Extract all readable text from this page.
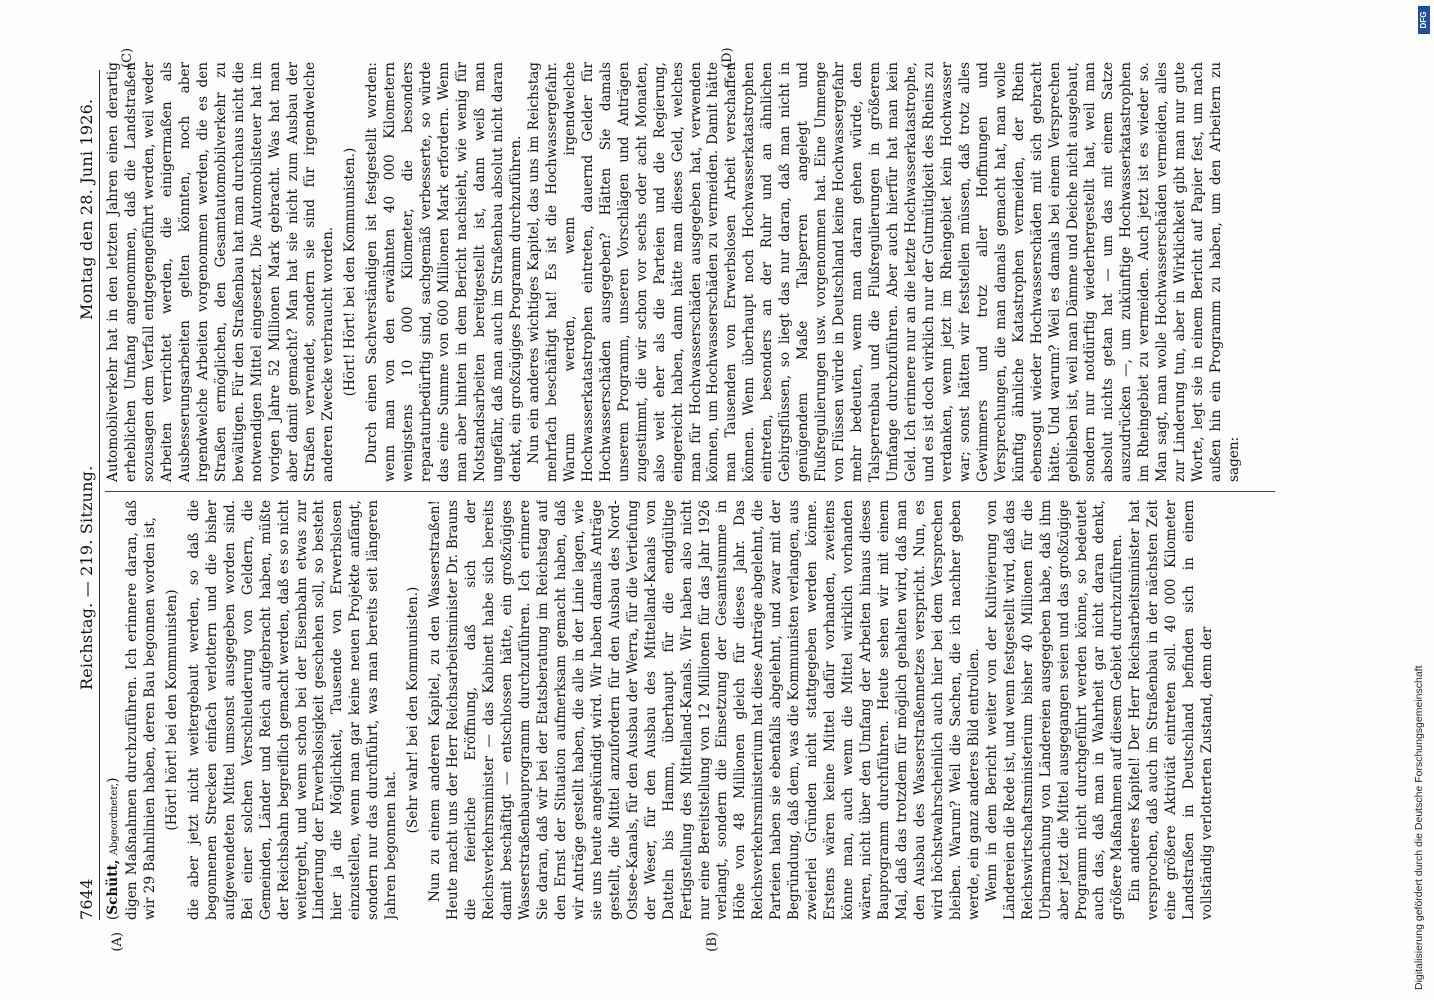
7644
Reichstag. — 219. Sitzung.
Montag den 28. Juni 1926.
(A)	(B)
(C)	(D)

(Schütt, Abgeordneter,) digen Maßnahmen durchzuführen. Ich erinnere daran, daß wir 29 Bahnlinien haben, deren Bau begonnen worden ist, (Hört! hört! bei den Kommunisten) die aber jetzt nicht weitergebaut werden, so daß die begonnenen Strecken einfach verlottern und die bisher aufgewendeten Mittel umsonst ausgegeben worden sind. Bei einer solchen Verschleuderung von Geldern, die Gemeinden, Länder und Reich aufgebracht haben, müßte der Reichsbahn begreiflich gemacht werden, daß es so nicht weitergeht, und wenn schon bei der Eisenbahn etwas zur Linderung der Erwerbslosigkeit geschehen soll, so besteht hier ja die Möglichkeit, Tausende von Erwerbslosen einzustellen, wenn man gar keine neuen Projekte anfängt, sondern nur das durchführt, was man bereits seit längeren Jahren begonnen hat.

(Sehr wahr! bei den Kommunisten.) Nun zu einem anderen Kapitel, zu den Wasserstraßen! Heute macht uns der Herr Reichsarbeitsminister Dr. Brauns die feierliche Eröffnung, daß sich der Reichsverkehrsminister — das Kabinett habe sich bereits damit beschäftigt — entschlossen hätte, ein großzügiges Wasserstraßenbauprogramm durchzuführen. Ich erinnere Sie daran, daß wir bei der Etatsberatung im Reichstag auf den Ernst der Situation aufmerksam gemacht haben, daß wir Anträge gestellt haben, die alle in der Linie lagen, wie sie uns heute angekündigt wird. Wir haben damals Anträge gestellt, die Mittel anzufordern für den Ausbau des Nord-Ostsee-Kanals, für den Ausbau der Werra, für die Vertiefung der Weser, für den Ausbau des Mittelland-Kanals von Datteln bis Hamm, überhaupt für die endgültige Fertigstellung des Mittelland-Kanals. Wir haben also nicht nur eine Bereitstellung von 12 Millionen für das Jahr 1926 verlangt, sondern die Einsetzung der Gesamtsumme in Höhe von 48 Millionen gleich für dieses Jahr. Das Reichsverkehrsministerium hat diese Anträge abgelehnt, die Parteien haben sie ebenfalls abgelehnt, und zwar mit der Begründung, daß dem, was die Kommunisten verlangen, aus zweierlei Gründen nicht stattgegeben werden könne. Erstens wären keine Mittel dafür vorhanden, zweitens könne man, auch wenn die Mittel wirklich vorhanden wären, nicht über den Umfang der Arbeiten hinaus dieses Bauprogramm durchführen. Heute sehen wir mit einem Mal, daß das trotzdem für möglich gehalten wird, daß man den Ausbau des Wasserstraßennetzes verspricht. Nun, es wird höchstwahrscheinlich auch hier bei dem Versprechen bleiben. Warum? Weil die Sachen, die ich nachher geben werde, ein ganz anderes Bild entrollen. Wenn in dem Bericht weiter von der Kultivierung von Ländereien die Rede ist, und wenn festgestellt wird, daß das Reichswirtschaftsministerium bisher 40 Millionen für die Urbarmachung von Ländereien ausgegeben habe, daß ihm aber jetzt die Mittel ausgegangen seien und das großzügige Programm nicht durchgeführt werden könne, so bedeutet auch das, daß man in Wahrheit gar nicht daran denkt, größere Maßnahmen auf diesem Gebiet durchzuführen. Ein anderes Kapitel! Der Herr Reichsarbeitsminister hat versprochen, daß auch im Straßenbau in der nächsten Zeit eine größere Aktivität eintreten soll. 40 000 Kilometer Landstraßen in Deutschland befinden sich in einem vollständig verlotterten Zustand, denn der

Automobilverkehr hat in den letzten Jahren einen derartig erheblichen Umfang angenommen, daß die Landstraßen sozusagen dem Verfall entgegengeführt werden, weil weder Arbeiten verrichtet werden, die einigermaßen als Ausbesserungsarbeiten gelten könnten, noch aber irgendwelche Arbeiten vorgenommen werden, die es den Straßen ermöglichen, den Gesamtautomobilverkehr zu bewältigen. Für den Straßenbau hat man durchaus nicht die notwendigen Mittel eingesetzt. Die Automobilsteuer hat im vorigen Jahre 52 Millionen Mark gebracht. Was hat man aber damit gemacht? Man hat sie nicht zum Ausbau der Straßen verwendet, sondern sie sind für irgendwelche anderen Zwecke verbraucht worden. (Hört! Hört! bei den Kommunisten.) Durch einen Sachverständigen ist festgestellt worden: wenn man von den erwähnten 40 000 Kilometern wenigstens 10 000 Kilometer, die besonders reparaturbedürftig sind, sachgemäß verbesserte, so würde das eine Summe von 600 Millionen Mark erfordern. Wenn man aber hinten in dem Bericht nachsieht, wie wenig für Notstandsarbeiten bereitgestellt ist, dann weiß man ungefähr, daß man auch im Straßenbau absolut nicht daran denkt, ein großzügiges Programm durchzuführen. Nun ein anderes wichtiges Kapitel, das uns im Reichstag mehrfach beschäftigt hat! Es ist die Hochwassergefahr. Warum werden, wenn irgendwelche Hochwasserkatastrophen eintreten, dauernd Gelder für Hochwasserschäden ausgegeben? Hätten Sie damals unserem Programm, unseren Vorschlägen und Anträgen zugestimmt, die wir schon vor sechs oder acht Monaten, also weit eher als die Parteien und die Regierung, eingereicht haben, dann hätte man dieses Geld, welches man für Hochwasserschäden ausgegeben hat, verwenden können, um Hochwasserschäden zu vermeiden. Damit hätte man Tausenden von Erwerbslosen Arbeit verschaffen können. Wenn überhaupt noch Hochwasserkatastrophen eintreten, besonders an der Ruhr und an ähnlichen Gebirgsflüssen, so liegt das nur daran, daß man nicht in genügendem Maße Talsperren angelegt und Flußregulierungen usw. vorgenommen hat. Eine Unmenge von Flüssen würde in Deutschland keine Hochwassergefahr mehr bedeuten, wenn man daran gehen würde, den Talsperrenbau und die Flußregulierungen in größerem Umfange durchzuführen. Aber auch hierfür hat man kein Geld. Ich erinnere nur an die letzte Hochwasserkatastrophe, und es ist doch wirklich nur der Gutmütigkeit des Rheins zu verdanken, wenn jetzt im Rheingebiet kein Hochwasser war; sonst hätten wir feststellen müssen, daß trotz alles Gewimmers und trotz aller Hoffnungen und Versprechungen, die man damals gemacht hat, man wolle künftig ähnliche Katastrophen vermeiden, der Rhein ebensogut wieder Hochwasserschäden mit sich gebracht hätte. Und warum? Weil es damals bei einem Versprechen geblieben ist, weil man Dämme und Deiche nicht ausgebaut, sondern nur notdürftig wiederhergestellt hat, weil man absolut nichts getan hat — um das mit einem Satze auszudrücken —, um zukünftige Hochwasserkatastrophen im Rheingebiet zu vermeiden. Auch jetzt ist es wieder so. Man sagt, man wolle Hochwasserschäden vermeiden, alles zur Linderung tun, aber in Wirklichkeit gibt man nur gute Worte, legt sie in einem Bericht auf Papier fest, um nach außen hin ein Programm zu haben, um den Arbeitern zu sagen:

Digitalisierung gefördert durch die Deutsche Forschungsgemeinschaft
DFG
